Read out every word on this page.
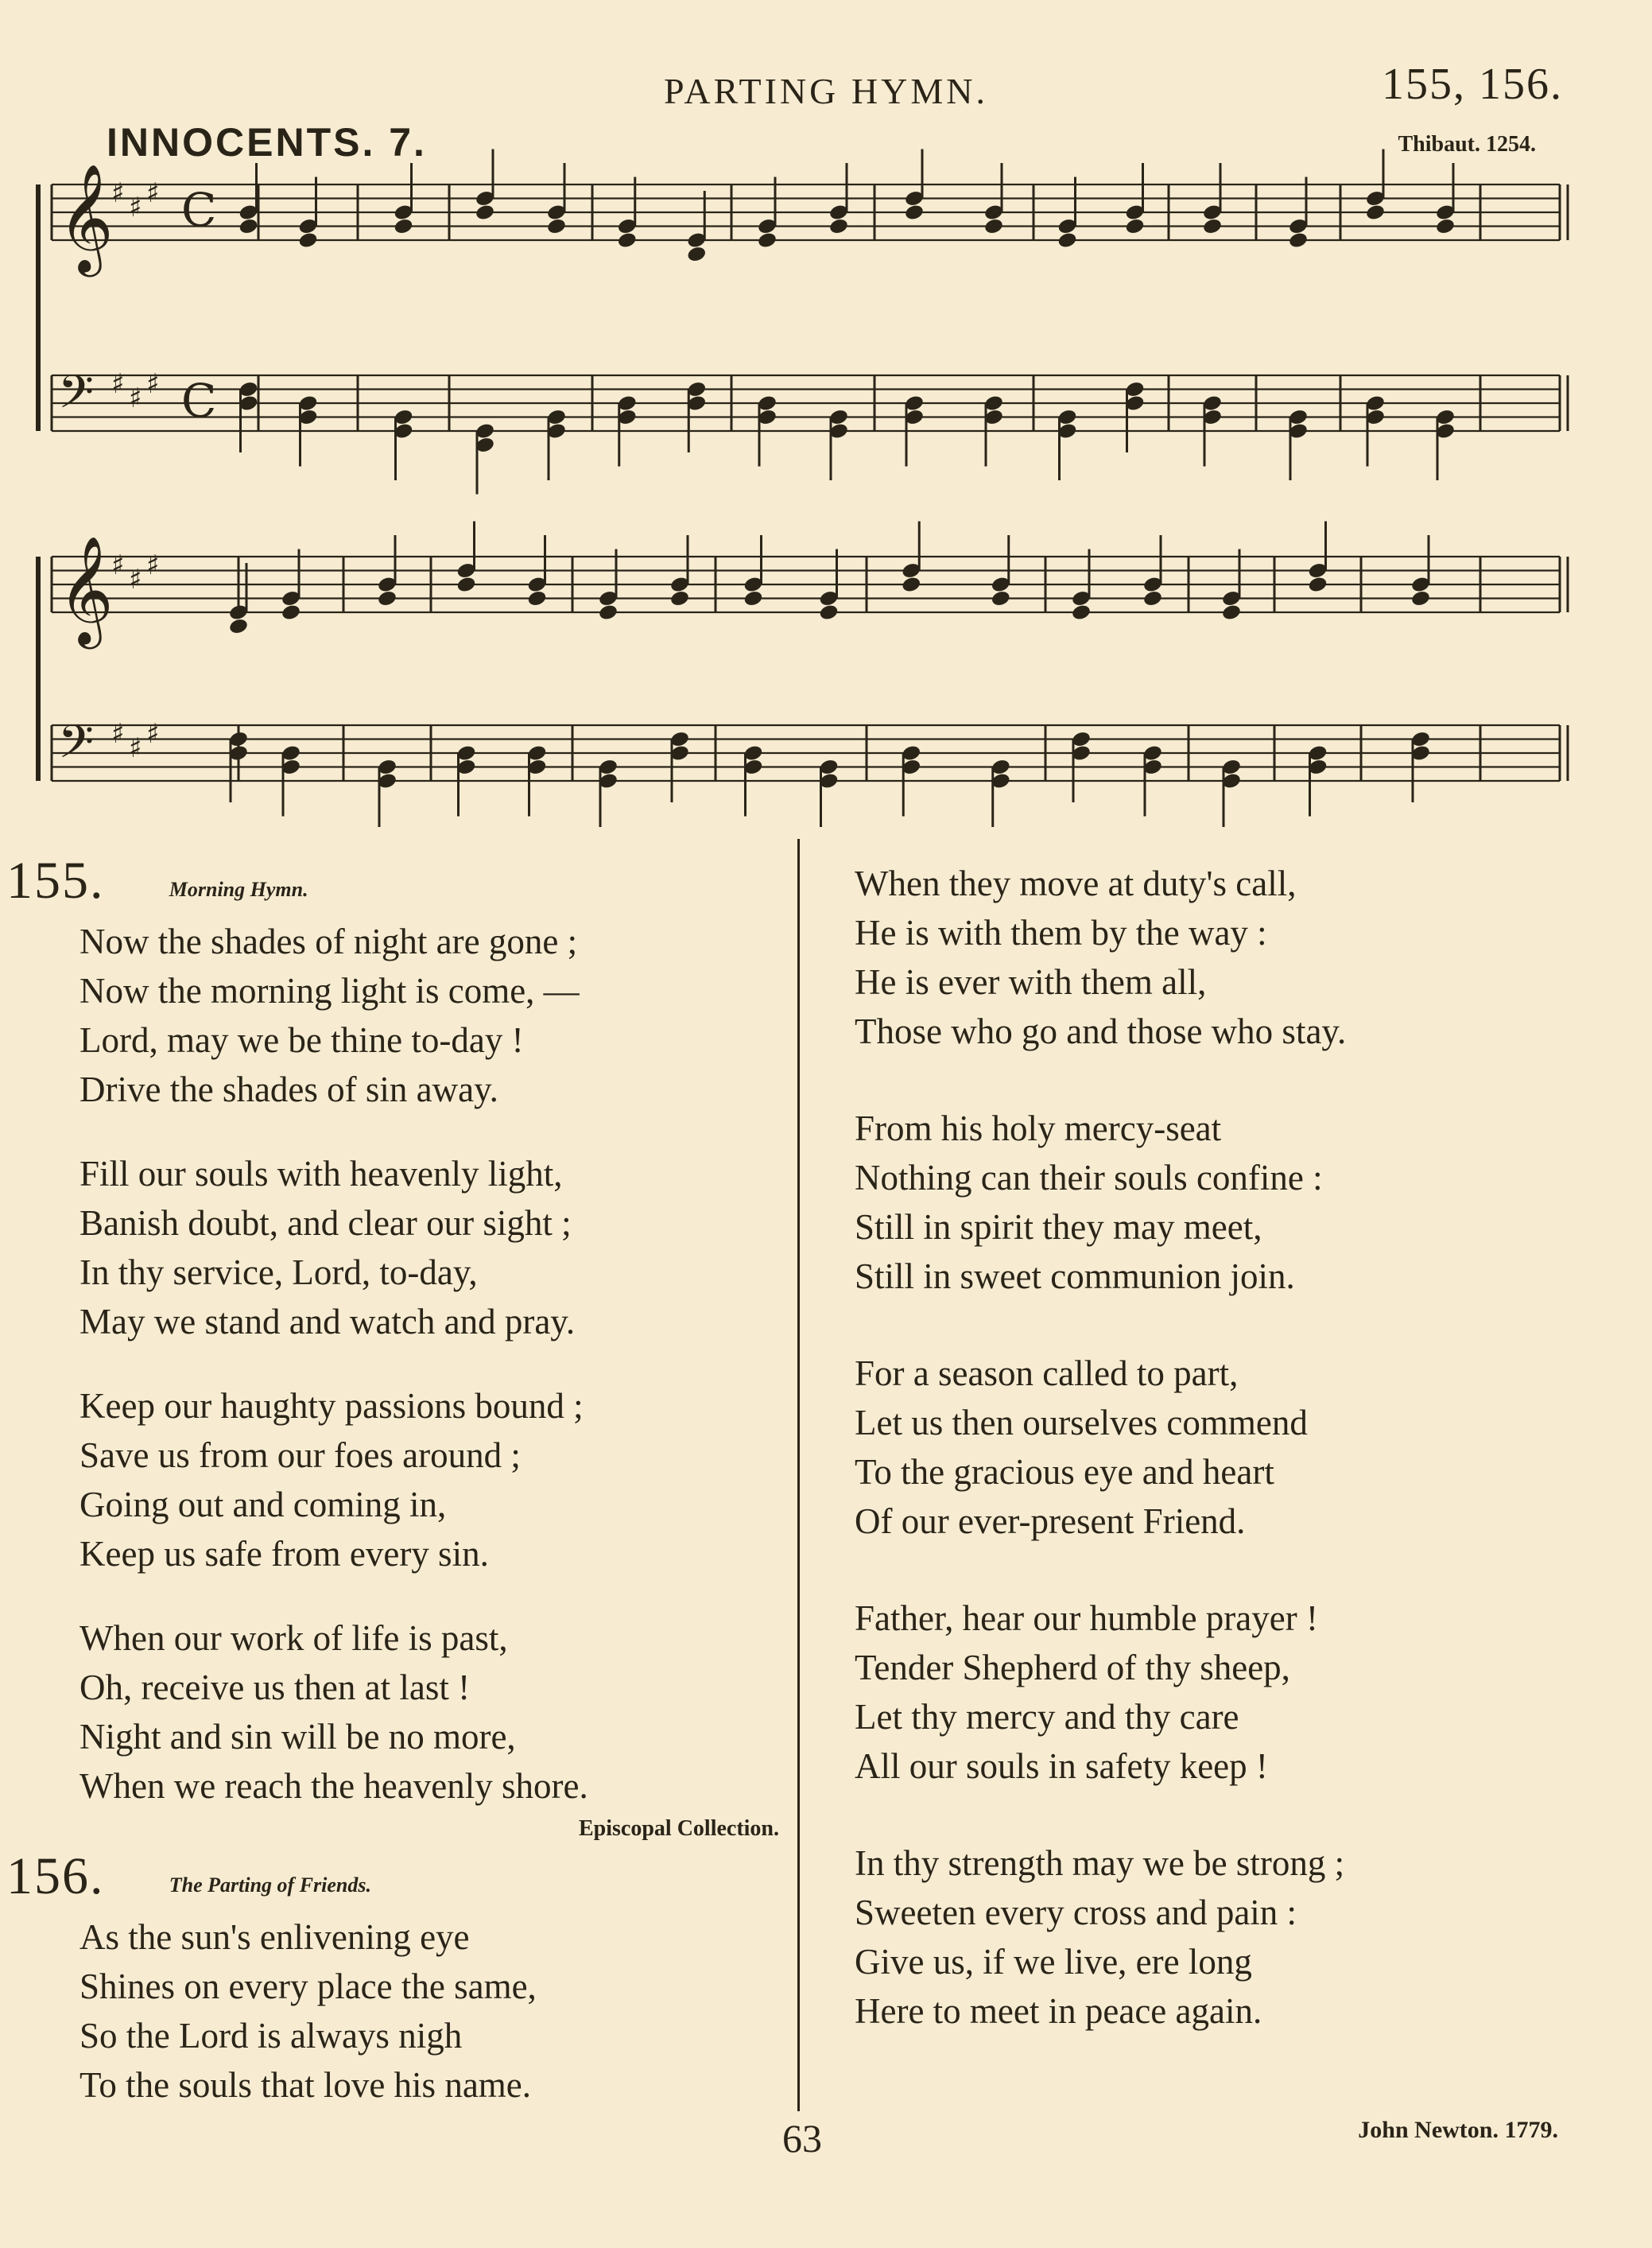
PARTING HYMN.	155, 156.
INNOCENTS. 7.	Thibaut. 1254.
𝄞
♯ ♯ ♯ C
𝄢 ♯ ♯ ♯ C
𝄞
♯ ♯ ♯
𝄢 ♯ ♯ ♯
155.	Morning Hymn.
Now the shades of night are gone ;
Now the morning light is come, —
Lord, may we be thine to-day !
Drive the shades of sin away.
Fill our souls with heavenly light,
Banish doubt, and clear our sight ;
In thy service, Lord, to-day,
May we stand and watch and pray.
Keep our haughty passions bound ;
Save us from our foes around ;
Going out and coming in,
Keep us safe from every sin.
When our work of life is past,
Oh, receive us then at last !
Night and sin will be no more,
When we reach the heavenly shore.
Episcopal Collection.
156.	The Parting of Friends.
As the sun's enlivening eye
Shines on every place the same,
So the Lord is always nigh
To the souls that love his name.
When they move at duty's call,
He is with them by the way :
He is ever with them all,
Those who go and those who stay.
From his holy mercy-seat
Nothing can their souls confine :
Still in spirit they may meet,
Still in sweet communion join.
For a season called to part,
Let us then ourselves commend
To the gracious eye and heart
Of our ever-present Friend.
Father, hear our humble prayer !
Tender Shepherd of thy sheep,
Let thy mercy and thy care
All our souls in safety keep !
In thy strength may we be strong ;
Sweeten every cross and pain :
Give us, if we live, ere long
Here to meet in peace again.
63	John Newton. 1779.
